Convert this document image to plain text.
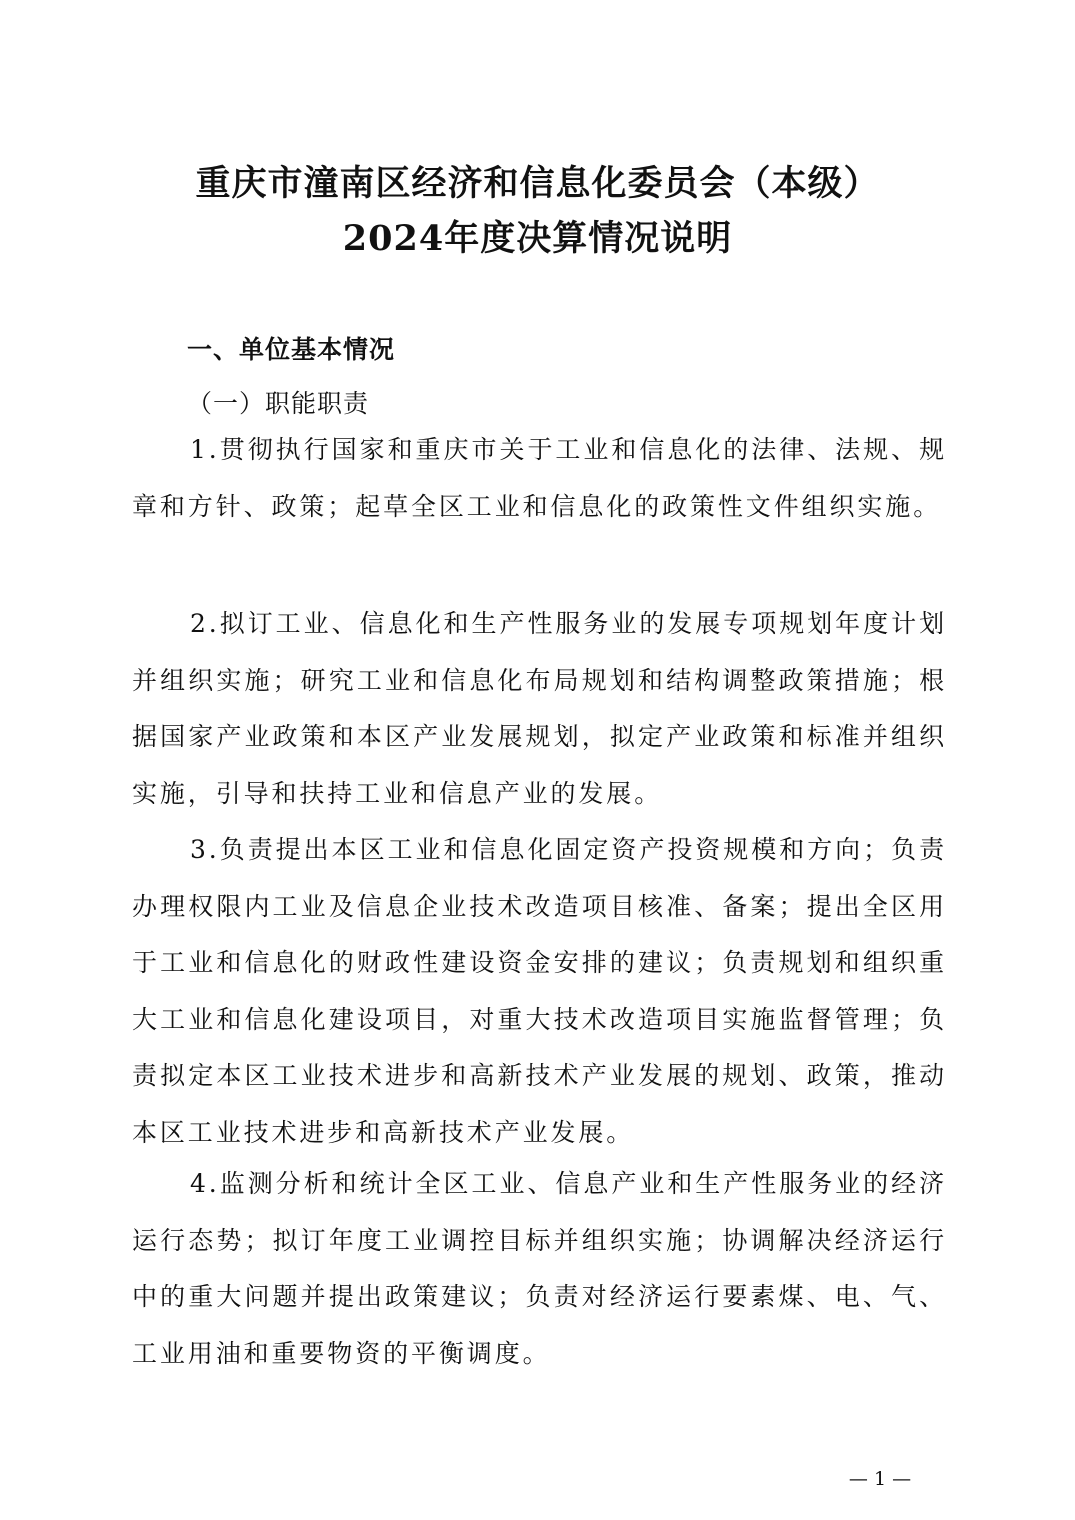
重庆市潼南区经济和信息化委员会（本级）
2024年度决算情况说明
一、单位基本情况
（一）职能职责

1.贯彻执行国家和重庆市关于工业和信息化的法律、法规、规章和方针、政策；起草全区工业和信息化的政策性文件组织实施。

2.拟订工业、信息化和生产性服务业的发展专项规划年度计划并组织实施；研究工业和信息化布局规划和结构调整政策措施；根据国家产业政策和本区产业发展规划，拟定产业政策和标准并组织实施，引导和扶持工业和信息产业的发展。

3.负责提出本区工业和信息化固定资产投资规模和方向；负责办理权限内工业及信息企业技术改造项目核准、备案；提出全区用于工业和信息化的财政性建设资金安排的建议；负责规划和组织重大工业和信息化建设项目，对重大技术改造项目实施监督管理；负责拟定本区工业技术进步和高新技术产业发展的规划、政策，推动本区工业技术进步和高新技术产业发展。

4.监测分析和统计全区工业、信息产业和生产性服务业的经济运行态势；拟订年度工业调控目标并组织实施；协调解决经济运行中的重大问题并提出政策建议；负责对经济运行要素煤、电、气、工业用油和重要物资的平衡调度。

— 1 —
